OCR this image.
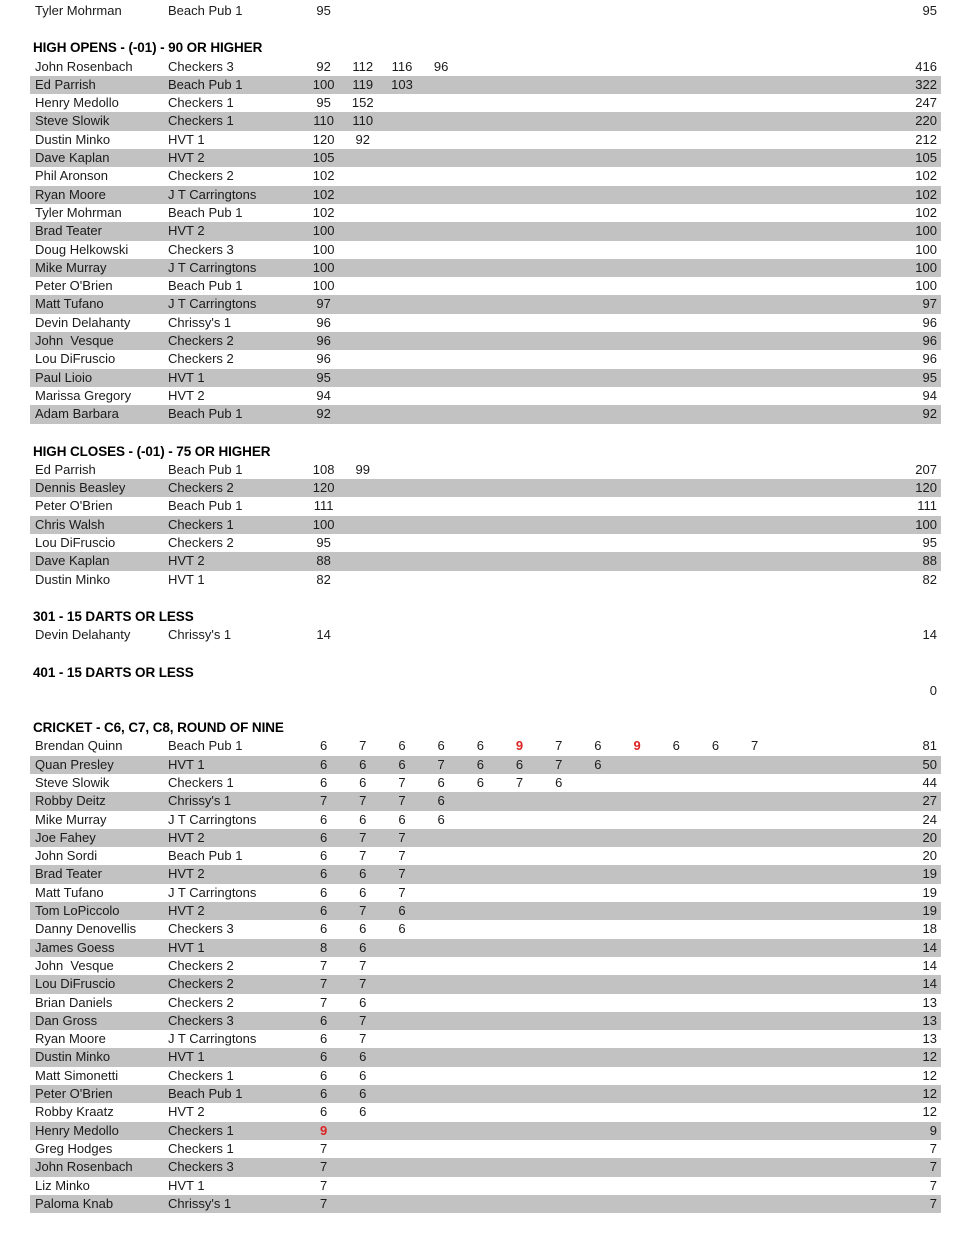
Tyler Mohrman	Beach Pub 1	95	95
HIGH OPENS - (-01) - 90 OR HIGHER
John Rosenbach	Checkers 3	92	112	116	96	416
Ed Parrish	Beach Pub 1	100	119	103	322
Henry Medollo	Checkers 1	95	152	247
Steve Slowik	Checkers 1	110	110	220
Dustin Minko	HVT 1	120	92	212
Dave Kaplan	HVT 2	105	105
Phil Aronson	Checkers 2	102	102
Ryan Moore	J T Carringtons	102	102
Tyler Mohrman	Beach Pub 1	102	102
Brad Teater	HVT 2	100	100
Doug Helkowski	Checkers 3	100	100
Mike Murray	J T Carringtons	100	100
Peter O'Brien	Beach Pub 1	100	100
Matt Tufano	J T Carringtons	97	97
Devin Delahanty	Chrissy's 1	96	96
John  Vesque	Checkers 2	96	96
Lou DiFruscio	Checkers 2	96	96
Paul Lioio	HVT 1	95	95
Marissa Gregory	HVT 2	94	94
Adam Barbara	Beach Pub 1	92	92
HIGH CLOSES - (-01) - 75 OR HIGHER
Ed Parrish	Beach Pub 1	108	99	207
Dennis Beasley	Checkers 2	120	120
Peter O'Brien	Beach Pub 1	111	111
Chris Walsh	Checkers 1	100	100
Lou DiFruscio	Checkers 2	95	95
Dave Kaplan	HVT 2	88	88
Dustin Minko	HVT 1	82	82
301 - 15 DARTS OR LESS
Devin Delahanty	Chrissy's 1	14	14
401 - 15 DARTS OR LESS
0
CRICKET - C6, C7, C8, ROUND OF NINE
Brendan Quinn	Beach Pub 1	6	7	6	6	6	9	7	6	9	6	6	7	81
Quan Presley	HVT 1	6	6	6	7	6	6	7	6	50
Steve Slowik	Checkers 1	6	6	7	6	6	7	6	44
Robby Deitz	Chrissy's 1	7	7	7	6	27
Mike Murray	J T Carringtons	6	6	6	6	24
Joe Fahey	HVT 2	6	7	7	20
John Sordi	Beach Pub 1	6	7	7	20
Brad Teater	HVT 2	6	6	7	19
Matt Tufano	J T Carringtons	6	6	7	19
Tom LoPiccolo	HVT 2	6	7	6	19
Danny Denovellis	Checkers 3	6	6	6	18
James Goess	HVT 1	8	6	14
John  Vesque	Checkers 2	7	7	14
Lou DiFruscio	Checkers 2	7	7	14
Brian Daniels	Checkers 2	7	6	13
Dan Gross	Checkers 3	6	7	13
Ryan Moore	J T Carringtons	6	7	13
Dustin Minko	HVT 1	6	6	12
Matt Simonetti	Checkers 1	6	6	12
Peter O'Brien	Beach Pub 1	6	6	12
Robby Kraatz	HVT 2	6	6	12
Henry Medollo	Checkers 1	9	9
Greg Hodges	Checkers 1	7	7
John Rosenbach	Checkers 3	7	7
Liz Minko	HVT 1	7	7
Paloma Knab	Chrissy's 1	7	7
